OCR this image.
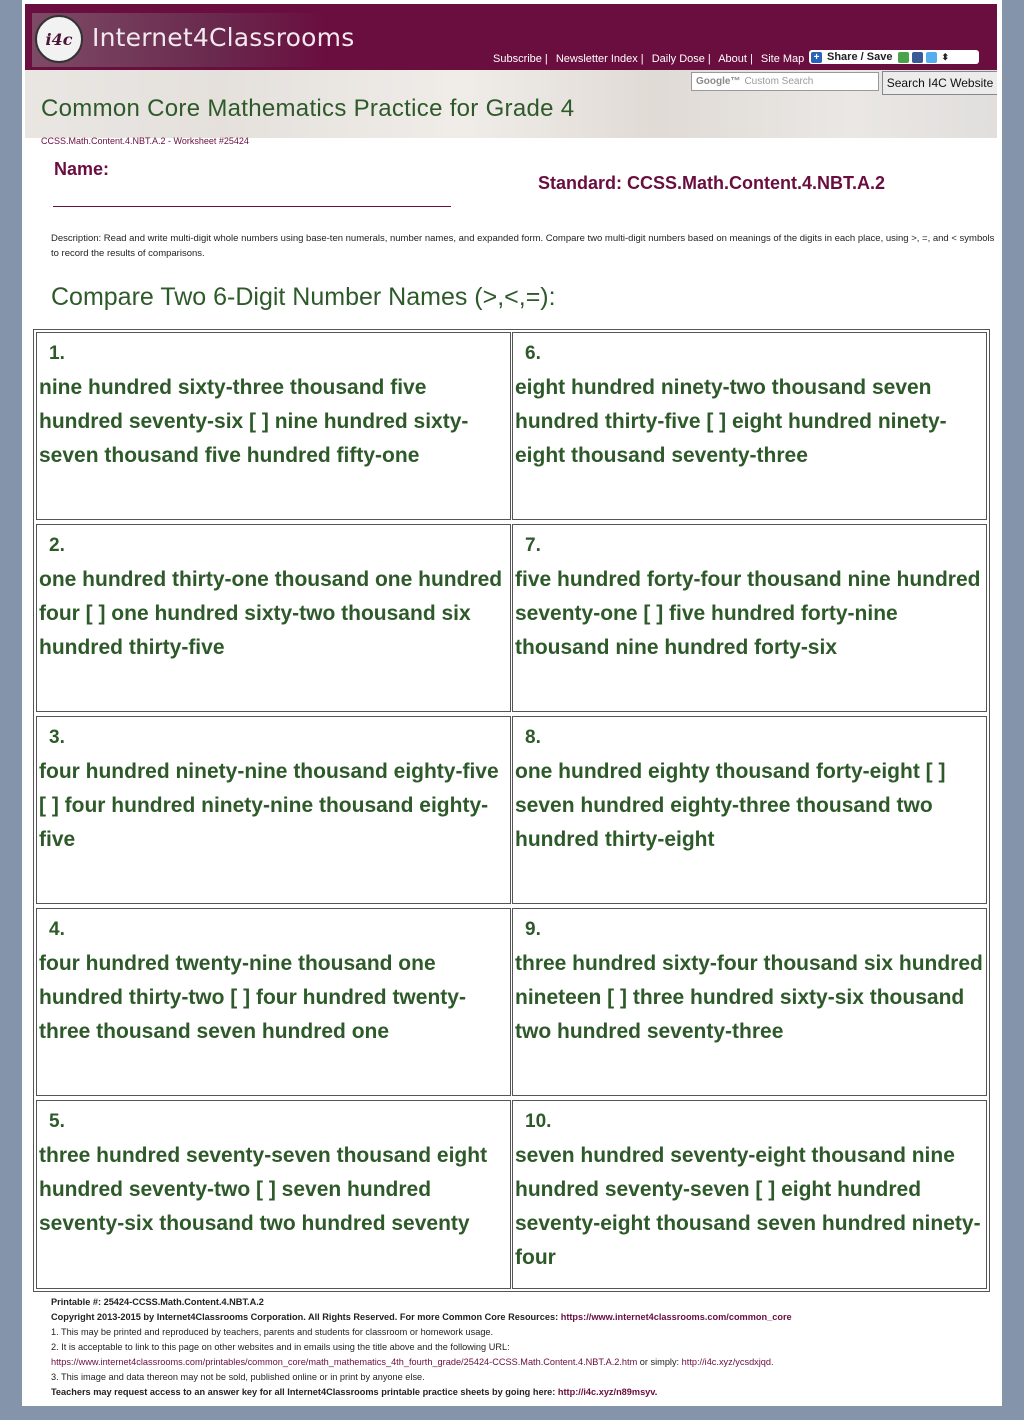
i4c Internet4Classrooms
Subscribe | Newsletter Index | Daily Dose | About | Site Map + Share / Save	⬍
Google™ Custom Search	Search I4C Website
Common Core Mathematics Practice for Grade 4
CCSS.Math.Content.4.NBT.A.2 - Worksheet #25424
Name:
Standard: CCSS.Math.Content.4.NBT.A.2
Description: Read and write multi-digit whole numbers using base-ten numerals, number names, and expanded form. Compare two multi-digit numbers based on meanings of the digits in each place, using >, =, and < symbols to record the results of comparisons.
Compare Two 6-Digit Number Names (>,<,=):
1.
nine hundred sixty-three thousand five hundred seventy-six [ ] nine hundred sixty-seven thousand five hundred fifty-one
2.
one hundred thirty-one thousand one hundred four [ ] one hundred sixty-two thousand six hundred thirty-five
3.
four hundred ninety-nine thousand eighty-five [ ] four hundred ninety-nine thousand eighty-five
4.
four hundred twenty-nine thousand one hundred thirty-two [ ] four hundred twenty-three thousand seven hundred one
5.
three hundred seventy-seven thousand eight hundred seventy-two [ ] seven hundred seventy-six thousand two hundred seventy
6.
eight hundred ninety-two thousand seven hundred thirty-five [ ] eight hundred ninety-eight thousand seventy-three
7.
five hundred forty-four thousand nine hundred seventy-one [ ] five hundred forty-nine thousand nine hundred forty-six
8.
one hundred eighty thousand forty-eight [ ] seven hundred eighty-three thousand two hundred thirty-eight
9.
three hundred sixty-four thousand six hundred nineteen [ ] three hundred sixty-six thousand two hundred seventy-three
10.
seven hundred seventy-eight thousand nine hundred seventy-seven [ ] eight hundred seventy-eight thousand seven hundred ninety-four
Printable #: 25424-CCSS.Math.Content.4.NBT.A.2
Copyright 2013-2015 by Internet4Classrooms Corporation. All Rights Reserved. For more Common Core Resources: https://www.internet4classrooms.com/common_core
1. This may be printed and reproduced by teachers, parents and students for classroom or homework usage.
2. It is acceptable to link to this page on other websites and in emails using the title above and the following URL:
https://www.internet4classrooms.com/printables/common_core/math_mathematics_4th_fourth_grade/25424-CCSS.Math.Content.4.NBT.A.2.htm or simply: http://i4c.xyz/ycsdxjqd.
3. This image and data thereon may not be sold, published online or in print by anyone else.
Teachers may request access to an answer key for all Internet4Classrooms printable practice sheets by going here: http://i4c.xyz/n89msyv.
